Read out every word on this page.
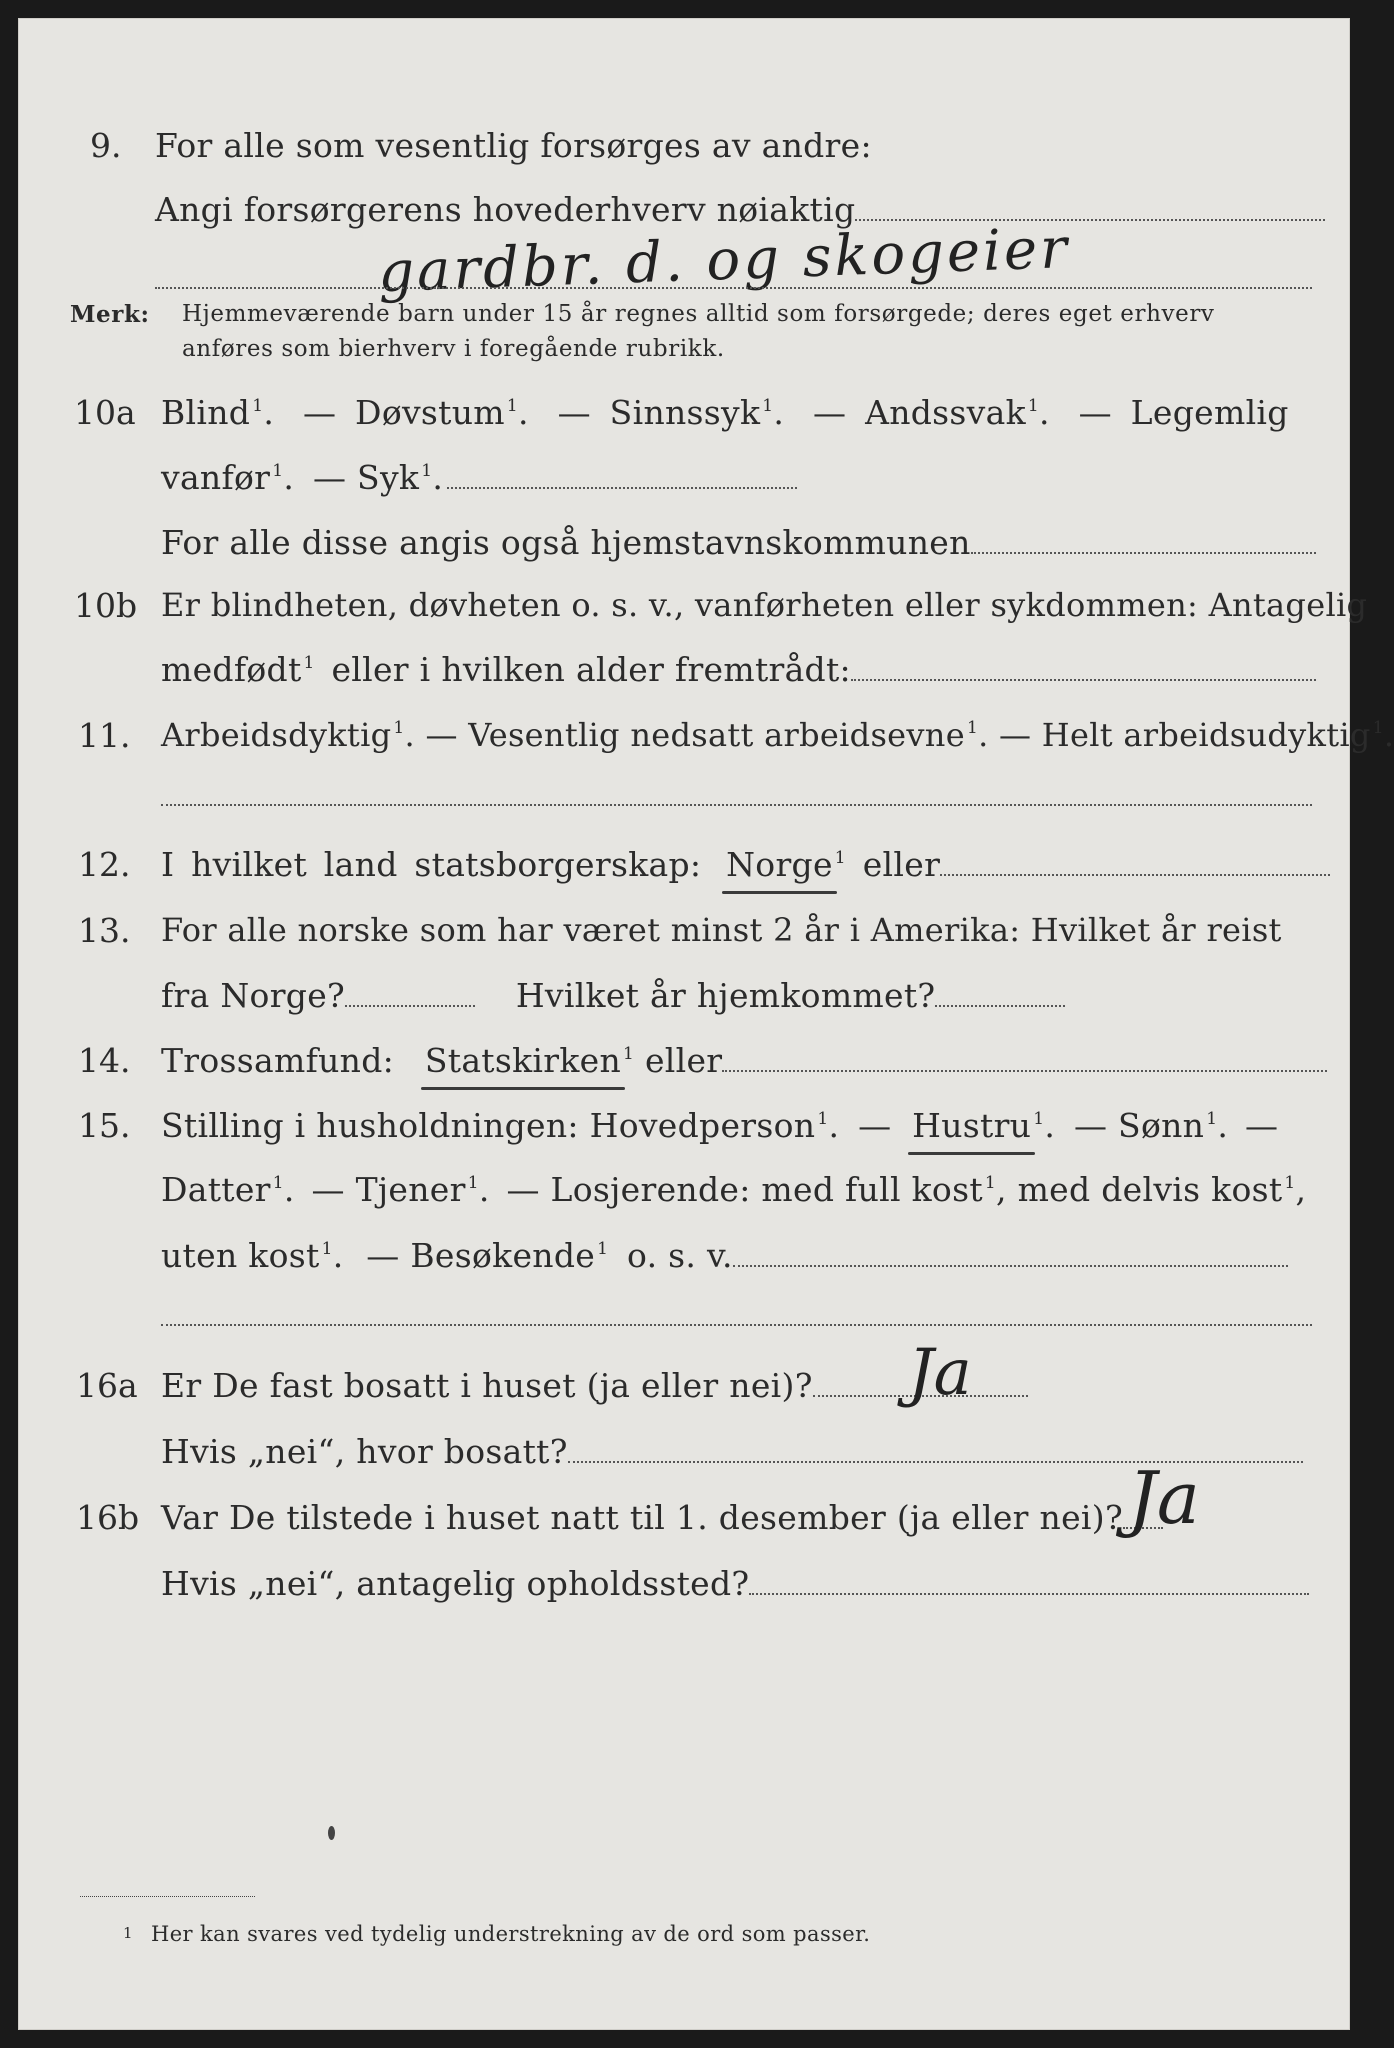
9. For alle som vesentlig forsørges av andre:
Angi forsørgerens hovederhverv nøiaktig
gardbr. d. og skogeier
Merk: Hjemmeværende barn under 15 år regnes alltid som forsørgede; deres eget erhverv
anføres som bierhverv i foregående rubrikk.
10a Blind $^1$. — Døvstum $^1$. — Sinnssyk $^1$. — Andssvak $^1$. — Legemlig
vanfør $^1$. — Syk $^1$.
For alle disse angis også hjemstavnskommunen
10b Er blindheten, døvheten o. s. v., vanførheten eller sykdommen: Antagelig
medfødt $^1$ eller i hvilken alder fremtrådt:
11. Arbeidsdyktig $^1$. — Vesentlig nedsatt arbeidsevne $^1$. — Helt arbeidsudyktig $^1$.
12. I hvilket land statsborgerskap: Norge $^1$ eller
13. For alle norske som har været minst 2 år i Amerika: Hvilket år reist
fra Norge?	Hvilket år hjemkommet?
14. Trossamfund: Statskirken $^1$ eller
15. Stilling i husholdningen: Hovedperson $^1$. — Hustru $^1$. — Sønn $^1$. —
Datter $^1$. — Tjener $^1$. — Losjerende: med full kost $^1$, med delvis kost $^1$,
uten kost $^1$. — Besøkende $^1$ o. s. v.
16a Er De fast bosatt i huset (ja eller nei)?	Ja
Hvis „nei“, hvor bosatt?
16b Var De tilstede i huset natt til 1. desember (ja eller nei)? Ja
Hvis „nei“, antagelig opholdssted?
1 Her kan svares ved tydelig understrekning av de ord som passer.
